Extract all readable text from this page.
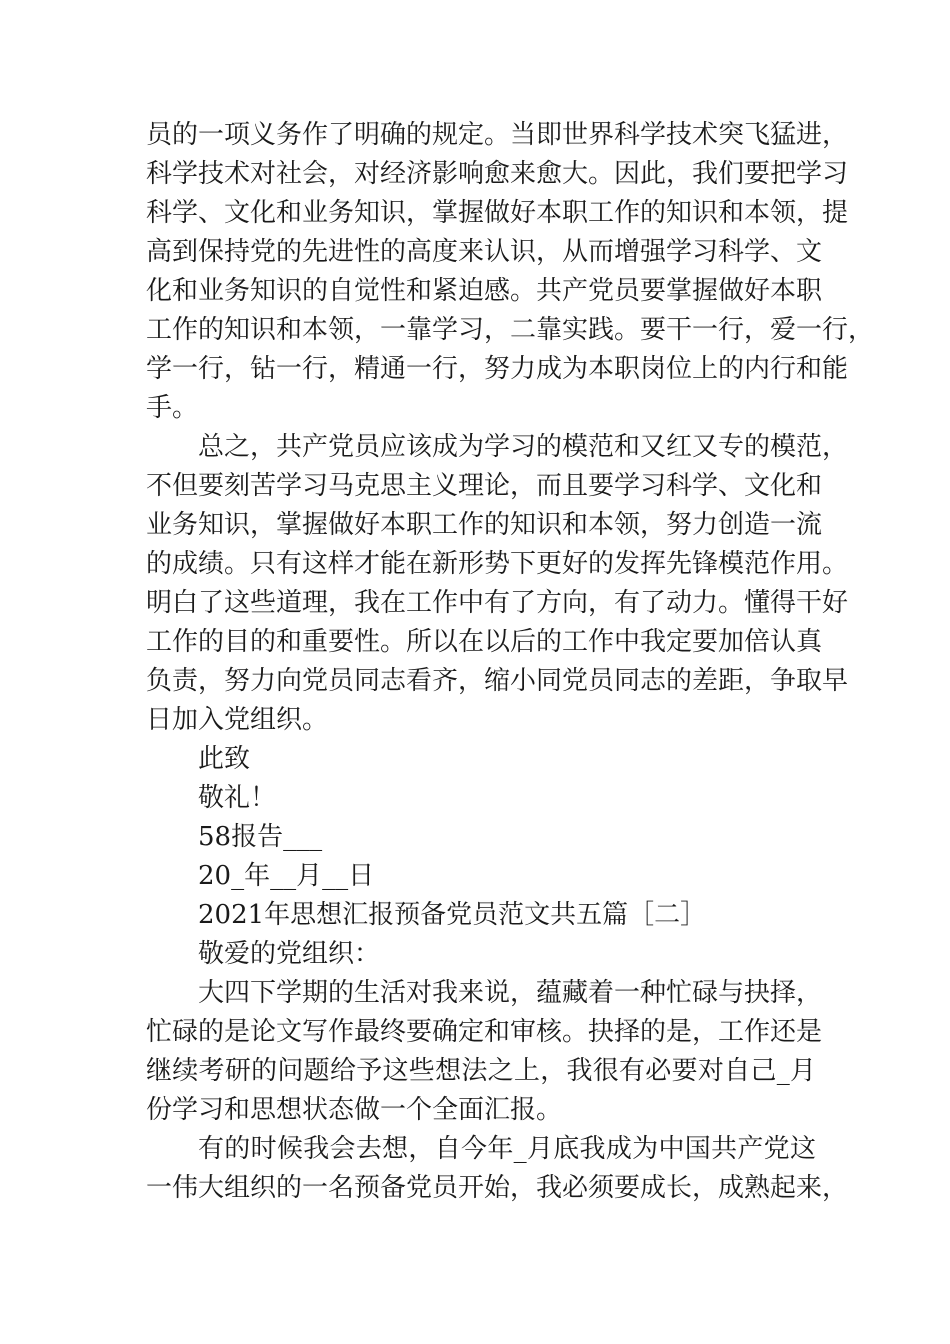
员的一项义务作了明确的规定。当即世界科学技术突飞猛进，
科学技术对社会，对经济影响愈来愈大。因此，我们要把学习
科学、文化和业务知识，掌握做好本职工作的知识和本领，提
高到保持党的先进性的高度来认识，从而增强学习科学、文
化和业务知识的自觉性和紧迫感。共产党员要掌握做好本职
工作的知识和本领，一靠学习，二靠实践。要干一行，爱一行，
学一行，钻一行，精通一行，努力成为本职岗位上的内行和能
手。
总之，共产党员应该成为学习的模范和又红又专的模范，
不但要刻苦学习马克思主义理论，而且要学习科学、文化和
业务知识，掌握做好本职工作的知识和本领，努力创造一流
的成绩。只有这样才能在新形势下更好的发挥先锋模范作用。
明白了这些道理，我在工作中有了方向，有了动力。懂得干好
工作的目的和重要性。所以在以后的工作中我定要加倍认真
负责，努力向党员同志看齐，缩小同党员同志的差距，争取早
日加入党组织。
此致
敬礼！
58报告___
20_年__月__日
2021年思想汇报预备党员范文共五篇［二］
敬爱的党组织：
大四下学期的生活对我来说，蕴藏着一种忙碌与抉择，
忙碌的是论文写作最终要确定和审核。抉择的是，工作还是
继续考研的问题给予这些想法之上，我很有必要对自己_月
份学习和思想状态做一个全面汇报。
有的时候我会去想，自今年_月底我成为中国共产党这
一伟大组织的一名预备党员开始，我必须要成长，成熟起来，
